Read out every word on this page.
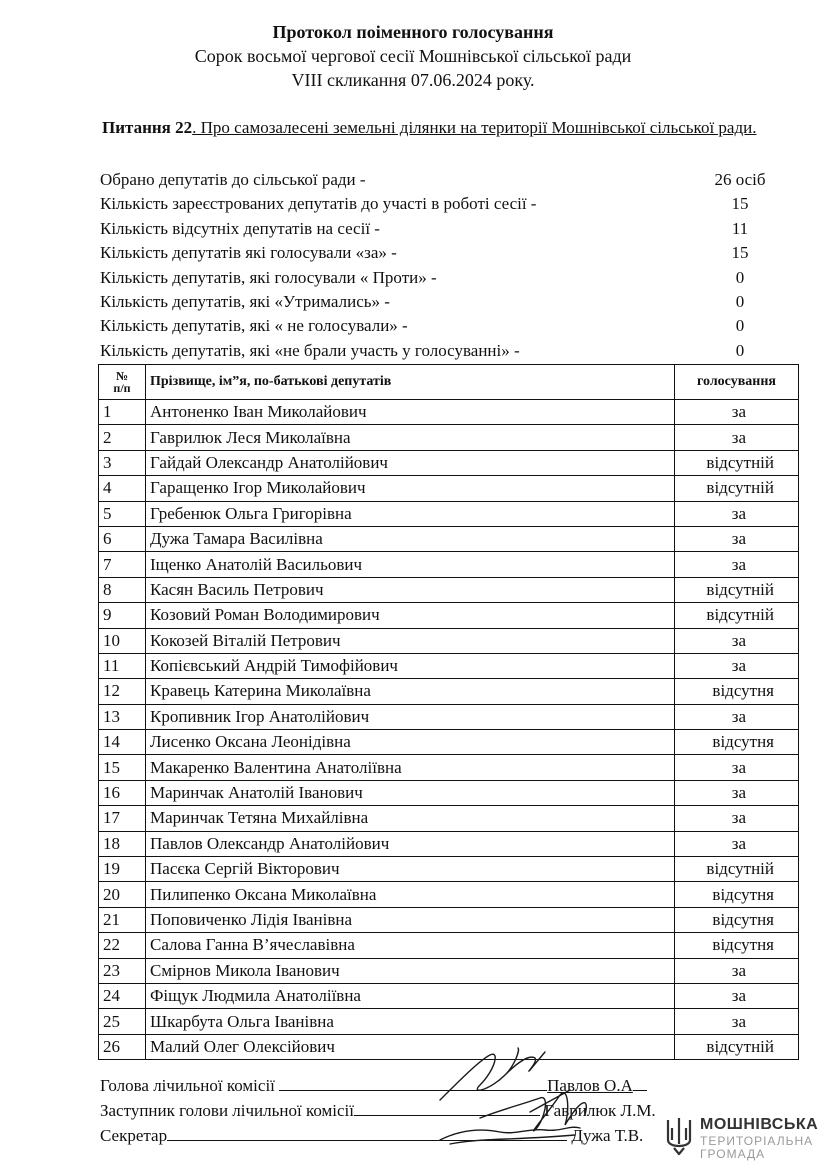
Протокол поіменного голосування
Сорок восьмої чергової сесії Мошнівської сільської ради
VIII скликання 07.06.2024 року.
Питання 22. Про самозалесені земельні ділянки на території Мошнівської сільської ради.
Обрано депутатів до сільської ради -	26 осіб
Кількість зареєстрованих депутатів до участі в роботі сесії -	15
Кількість відсутніх депутатів на сесії -	11
Кількість депутатів які голосували «за» -	15
Кількість депутатів, які голосували « Проти» -	0
Кількість депутатів, які «Утримались» -	0
Кількість депутатів, які « не голосували» -	0
Кількість депутатів, які «не брали участь у голосуванні» -	0
№
п/п	Прізвище, ім”я, по-батькові депутатів	голосування
1	Антоненко Іван Миколайович	за
2	Гаврилюк Леся Миколаївна	за
3	Гайдай Олександр Анатолійович	відсутній
4	Гаращенко Ігор Миколайович	відсутній
5	Гребенюк Ольга Григорівна	за
6	Дужа Тамара Василівна	за
7	Іщенко Анатолій Васильович	за
8	Касян Василь Петрович	відсутній
9	Козовий Роман Володимирович	відсутній
10	Кокозей Віталій Петрович	за
11	Копієвський Андрій Тимофійович	за
12	Кравець Катерина Миколаївна	відсутня
13	Кропивник Ігор Анатолійович	за
14	Лисенко Оксана Леонідівна	відсутня
15	Макаренко Валентина Анатоліївна	за
16	Маринчак Анатолій Іванович	за
17	Маринчак Тетяна Михайлівна	за
18	Павлов Олександр Анатолійович	за
19	Пасєка Сергій Вікторович	відсутній
20	Пилипенко Оксана Миколаївна	відсутня
21	Поповиченко Лідія Іванівна	відсутня
22	Салова Ганна В’ячеславівна	відсутня
23	Смірнов Микола Іванович	за
24	Фіщук Людмила Анатоліївна	за
25	Шкарбута Ольга Іванівна	за
26	Малий Олег Олексійович	відсутній
Голова лічильної комісії	Павлов О.А
Заступник голови лічильної комісії	Гаврилюк Л.М.
Секретар	Дужа Т.В.
МОШНІВСЬКА
ТЕРИТОРІАЛЬНА
ГРОМАДА
